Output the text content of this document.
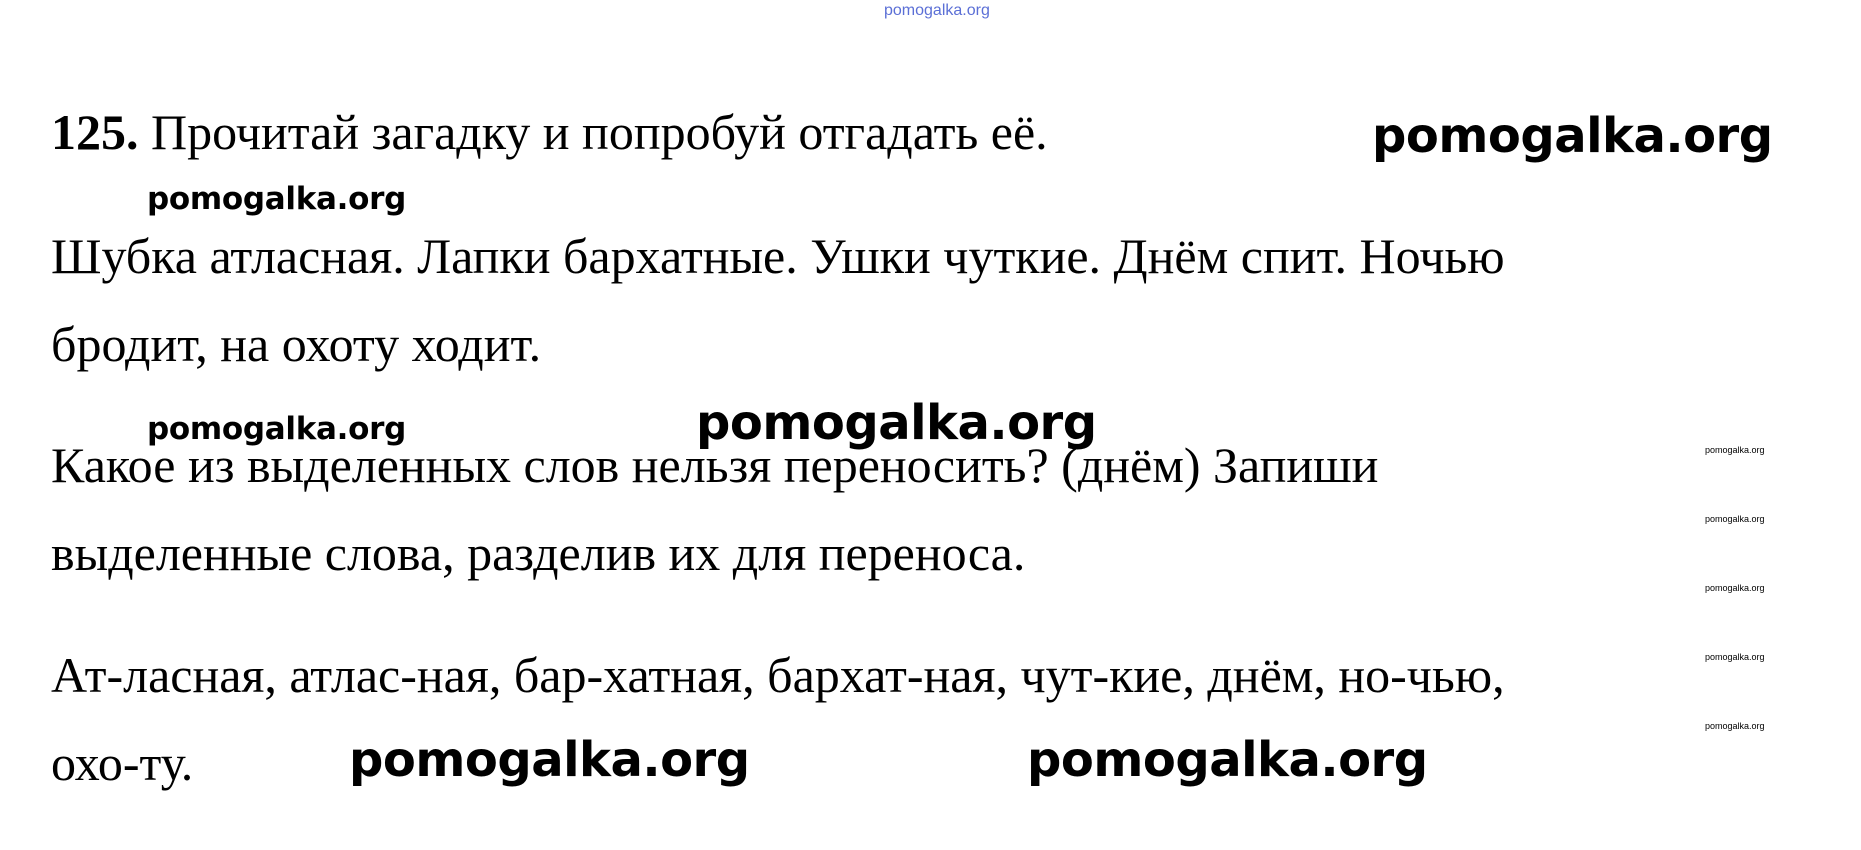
pomogalka.org
125. Прочитай загадку и попробуй отгадать её.
Шубка атласная. Лапки бархатные. Ушки чуткие. Днём спит. Ночью
бродит, на охоту ходит.
Какое из выделенных слов нельзя переносить? (днём) Запиши
выделенные слова, разделив их для переноса.
Ат-ласная, атлас-ная, бар-хатная, бархат-ная, чут-кие, днём, но-чью,
охо-ту.
pomogalka.org
pomogalka.org
pomogalka.org	pomogalka.org
pomogalka.org	pomogalka.org
pomogalka.org
pomogalka.org
pomogalka.org
pomogalka.org
pomogalka.org
